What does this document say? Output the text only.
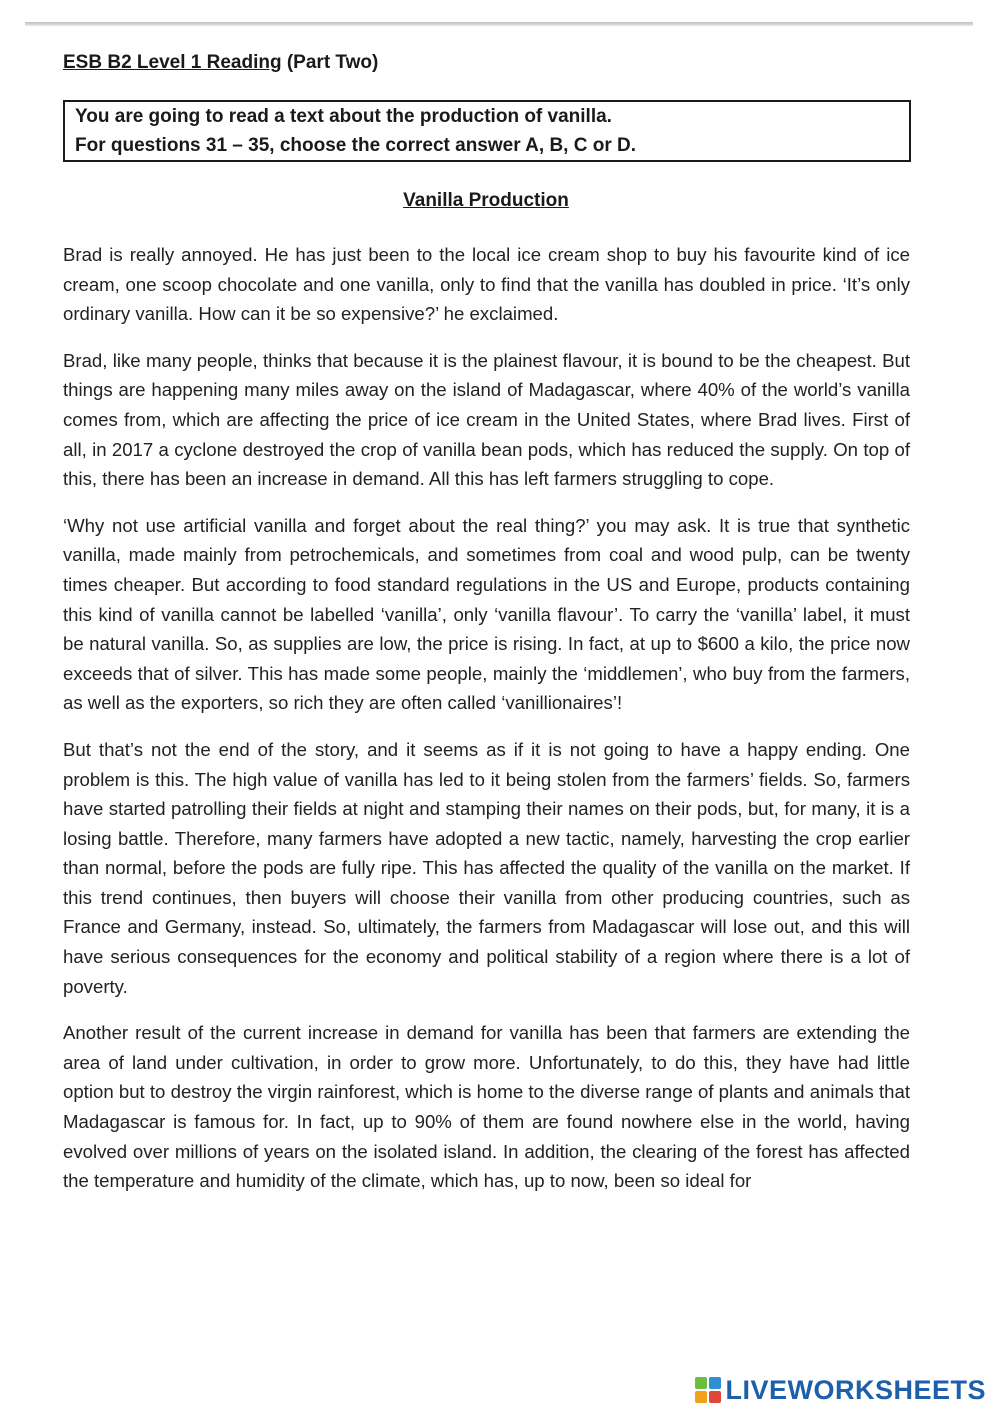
ESB B2 Level 1 Reading (Part Two)
You are going to read a text about the production of vanilla.
For questions 31 – 35, choose the correct answer A, B, C or D.
Vanilla Production

Brad is really annoyed. He has just been to the local ice cream shop to buy his favourite kind of ice cream, one scoop chocolate and one vanilla, only to find that the vanilla has doubled in price. ‘It’s only ordinary vanilla. How can it be so expensive?’ he exclaimed.

Brad, like many people, thinks that because it is the plainest flavour, it is bound to be the cheapest. But things are happening many miles away on the island of Madagascar, where 40% of the world’s vanilla comes from, which are affecting the price of ice cream in the United States, where Brad lives. First of all, in 2017 a cyclone destroyed the crop of vanilla bean pods, which has reduced the supply. On top of this, there has been an increase in demand. All this has left farmers struggling to cope.

‘Why not use artificial vanilla and forget about the real thing?’ you may ask. It is true that synthetic vanilla, made mainly from petrochemicals, and sometimes from coal and wood pulp, can be twenty times cheaper. But according to food standard regulations in the US and Europe, products containing this kind of vanilla cannot be labelled ‘vanilla’, only ‘vanilla flavour’. To carry the ‘vanilla’ label, it must be natural vanilla. So, as supplies are low, the price is rising. In fact, at up to $600 a kilo, the price now exceeds that of silver. This has made some people, mainly the ‘middlemen’, who buy from the farmers, as well as the exporters, so rich they are often called ‘vanillionaires’!

But that’s not the end of the story, and it seems as if it is not going to have a happy ending. One problem is this. The high value of vanilla has led to it being stolen from the farmers’ fields. So, farmers have started patrolling their fields at night and stamping their names on their pods, but, for many, it is a losing battle. Therefore, many farmers have adopted a new tactic, namely, harvesting the crop earlier than normal, before the pods are fully ripe. This has affected the quality of the vanilla on the market. If this trend continues, then buyers will choose their vanilla from other producing countries, such as France and Germany, instead. So, ultimately, the farmers from Madagascar will lose out, and this will have serious consequences for the economy and political stability of a region where there is a lot of poverty.

Another result of the current increase in demand for vanilla has been that farmers are extending the area of land under cultivation, in order to grow more. Unfortunately, to do this, they have had little option but to destroy the virgin rainforest, which is home to the diverse range of plants and animals that Madagascar is famous for. In fact, up to 90% of them are found nowhere else in the world, having evolved over millions of years on the isolated island. In addition, the clearing of the forest has affected the temperature and humidity of the climate, which has, up to now, been so ideal for

LIVEWORKSHEETS
